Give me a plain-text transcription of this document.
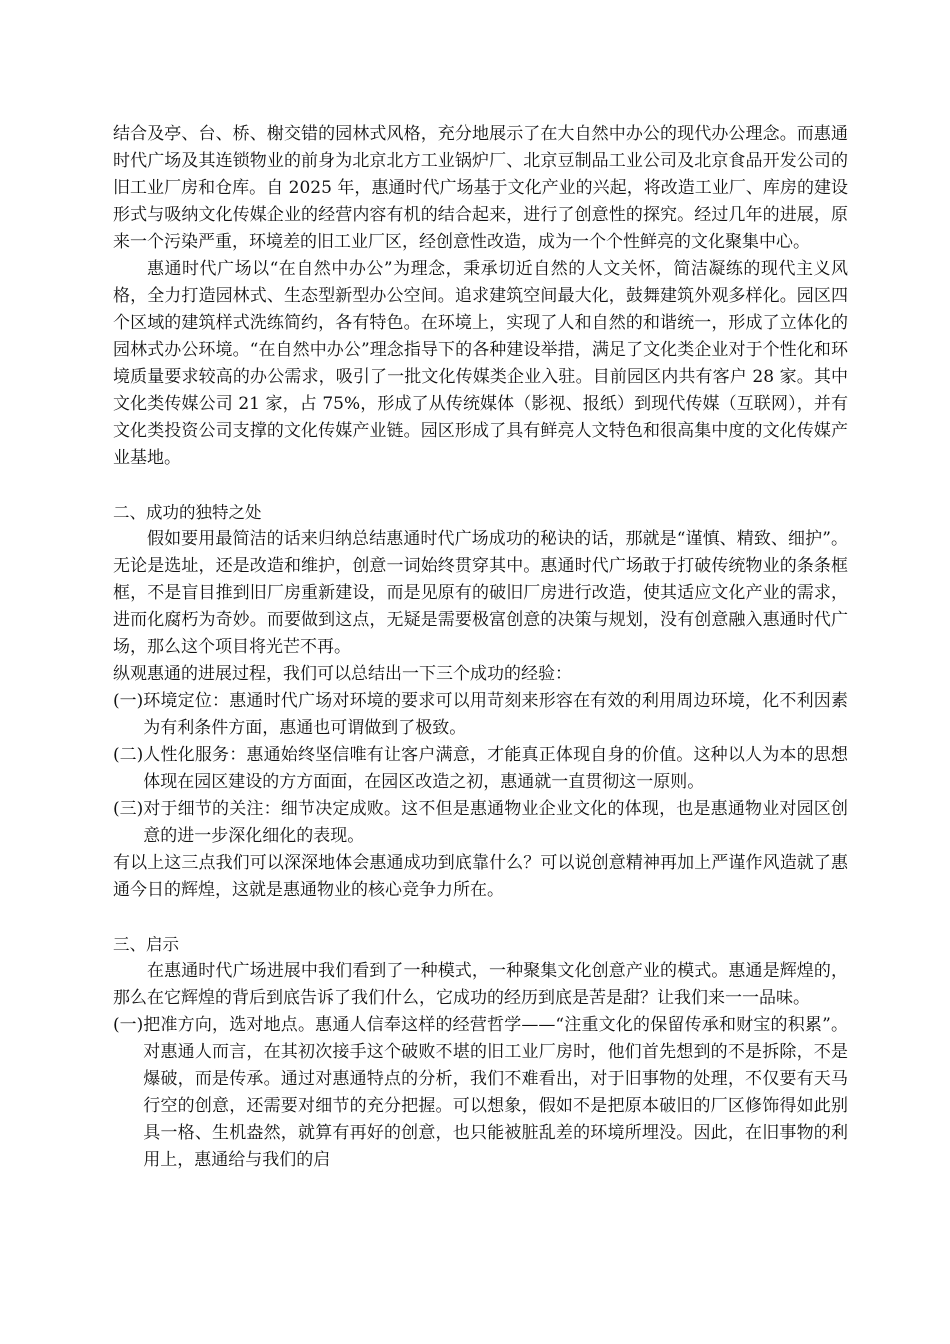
结合及亭、台、桥、榭交错的园林式风格，充分地展示了在大自然中办公的现代办公理念。而惠通时代广场及其连锁物业的前身为北京北方工业锅炉厂、北京豆制品工业公司及北京食品开发公司的旧工业厂房和仓库。自 2025 年，惠通时代广场基于文化产业的兴起，将改造工业厂、库房的建设形式与吸纳文化传媒企业的经营内容有机的结合起来，进行了创意性的探究。经过几年的进展，原来一个污染严重，环境差的旧工业厂区，经创意性改造，成为一个个性鲜亮的文化聚集中心。

惠通时代广场以“在自然中办公”为理念，秉承切近自然的人文关怀，简洁凝练的现代主义风格，全力打造园林式、生态型新型办公空间。追求建筑空间最大化，鼓舞建筑外观多样化。园区四个区域的建筑样式洗练简约，各有特色。在环境上，实现了人和自然的和谐统一，形成了立体化的园林式办公环境。“在自然中办公”理念指导下的各种建设举措，满足了文化类企业对于个性化和环境质量要求较高的办公需求，吸引了一批文化传媒类企业入驻。目前园区内共有客户 28 家。其中文化类传媒公司 21 家，占 75%，形成了从传统媒体（影视、报纸）到现代传媒（互联网），并有文化类投资公司支撑的文化传媒产业链。园区形成了具有鲜亮人文特色和很高集中度的文化传媒产业基地。

二、成功的独特之处

假如要用最简洁的话来归纳总结惠通时代广场成功的秘诀的话，那就是“谨慎、精致、细护”。无论是选址，还是改造和维护，创意一词始终贯穿其中。惠通时代广场敢于打破传统物业的条条框框，不是盲目推到旧厂房重新建设，而是见原有的破旧厂房进行改造，使其适应文化产业的需求，进而化腐朽为奇妙。而要做到这点，无疑是需要极富创意的决策与规划，没有创意融入惠通时代广场，那么这个项目将光芒不再。

纵观惠通的进展过程，我们可以总结出一下三个成功的经验：

(一) 环境定位：惠通时代广场对环境的要求可以用苛刻来形容在有效的利用周边环境，化不利因素为有利条件方面，惠通也可谓做到了极致。
(二) 人性化服务：惠通始终坚信唯有让客户满意，才能真正体现自身的价值。这种以人为本的思想体现在园区建设的方方面面，在园区改造之初，惠通就一直贯彻这一原则。
(三) 对于细节的关注：细节决定成败。这不但是惠通物业企业文化的体现，也是惠通物业对园区创意的进一步深化细化的表现。

有以上这三点我们可以深深地体会惠通成功到底靠什么？可以说创意精神再加上严谨作风造就了惠通今日的辉煌，这就是惠通物业的核心竞争力所在。

三、启示

在惠通时代广场进展中我们看到了一种模式，一种聚集文化创意产业的模式。惠通是辉煌的，那么在它辉煌的背后到底告诉了我们什么，它成功的经历到底是苦是甜？让我们来一一品味。

(一) 把准方向，选对地点。惠通人信奉这样的经营哲学——“注重文化的保留传承和财宝的积累”。对惠通人而言，在其初次接手这个破败不堪的旧工业厂房时，他们首先想到的不是拆除，不是爆破，而是传承。通过对惠通特点的分析，我们不难看出，对于旧事物的处理，不仅要有天马行空的创意，还需要对细节的充分把握。可以想象，假如不是把原本破旧的厂区修饰得如此别具一格、生机盎然，就算有再好的创意，也只能被脏乱差的环境所埋没。因此，在旧事物的利用上，惠通给与我们的启
